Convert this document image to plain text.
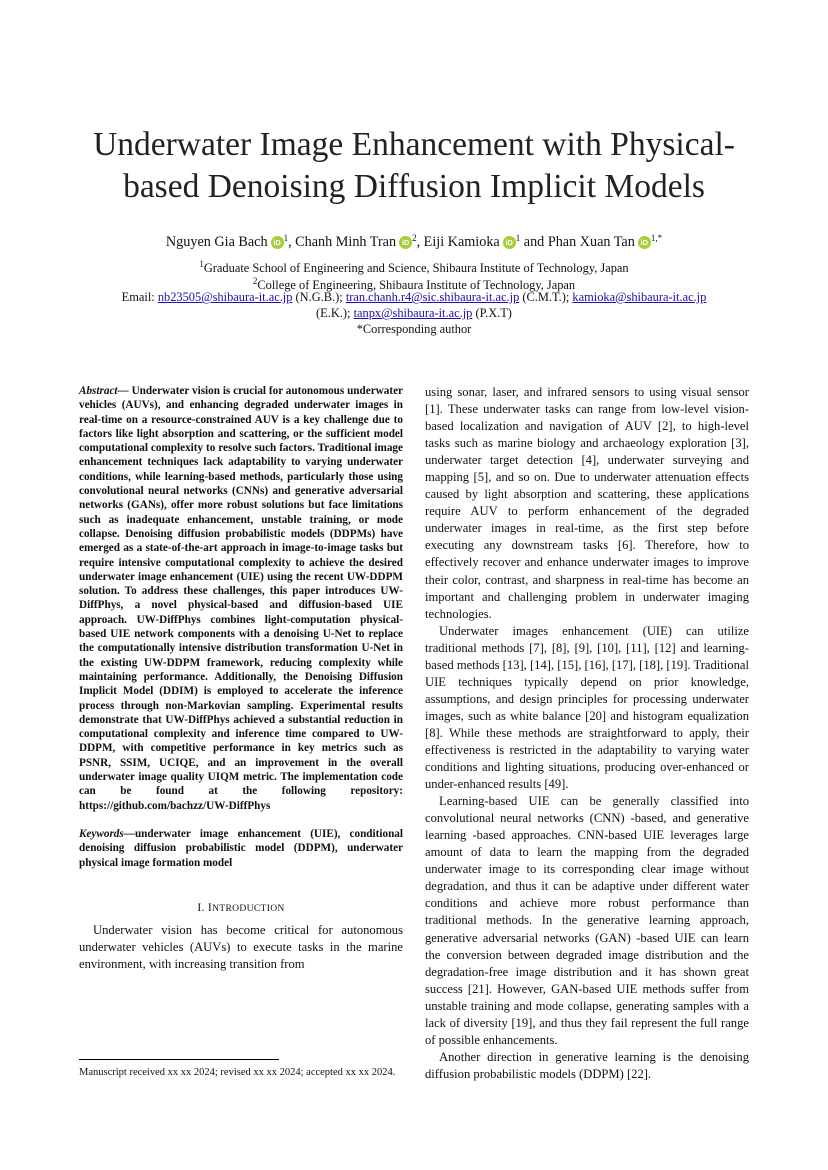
Underwater Image Enhancement with Physical-
based Denoising Diffusion Implicit Models
Nguyen Gia Bach iD $^1$, Chanh Minh Tran iD $^2$, Eiji Kamioka iD $^1$ and Phan Xuan Tan iD $^{1,*}$
$^1$Graduate School of Engineering and Science, Shibaura Institute of Technology, Japan
$^2$College of Engineering, Shibaura Institute of Technology, Japan
Email: nb23505@shibaura-it.ac.jp (N.G.B.); tran.chanh.r4@sic.shibaura-it.ac.jp (C.M.T.); kamioka@shibaura-it.ac.jp
(E.K.); tanpx@shibaura-it.ac.jp (P.X.T)
*Corresponding author

Abstract— Underwater vision is crucial for autonomous underwater vehicles (AUVs), and enhancing degraded underwater images in real-time on a resource-constrained AUV is a key challenge due to factors like light absorption and scattering, or the sufficient model computational complexity to resolve such factors. Traditional image enhancement techniques lack adaptability to varying underwater conditions, while learning-based methods, particularly those using convolutional neural networks (CNNs) and generative adversarial networks (GANs), offer more robust solutions but face limitations such as inadequate enhancement, unstable training, or mode collapse. Denoising diffusion probabilistic models (DDPMs) have emerged as a state-of-the-art approach in image-to-image tasks but require intensive computational complexity to achieve the desired underwater image enhancement (UIE) using the recent UW-DDPM solution. To address these challenges, this paper introduces UW-DiffPhys, a novel physical-based and diffusion-based UIE approach. UW-DiffPhys combines light-computation physical-based UIE network components with a denoising U-Net to replace the computationally intensive distribution transformation U-Net in the existing UW-DDPM framework, reducing complexity while maintaining performance. Additionally, the Denoising Diffusion Implicit Model (DDIM) is employed to accelerate the inference process through non-Markovian sampling. Experimental results demonstrate that UW-DiffPhys achieved a substantial reduction in computational complexity and inference time compared to UW-DDPM, with competitive performance in key metrics such as PSNR, SSIM, UCIQE, and an improvement in the overall underwater image quality UIQM metric. The implementation code can be found at the following repository: https://github.com/bachzz/UW-DiffPhys

Keywords—underwater image enhancement (UIE), conditional denoising diffusion probabilistic model (DDPM), underwater physical image formation model

I. INTRODUCTION

Underwater vision has become critical for autonomous underwater vehicles (AUVs) to execute tasks in the marine environment, with increasing transition from

Manuscript received xx xx 2024; revised xx xx 2024; accepted xx xx 2024.

using sonar, laser, and infrared sensors to using visual sensor [1]. These underwater tasks can range from low-level vision-based localization and navigation of AUV [2], to high-level tasks such as marine biology and archaeology exploration [3], underwater target detection [4], underwater surveying and mapping [5], and so on. Due to underwater attenuation effects caused by light absorption and scattering, these applications require AUV to perform enhancement of the degraded underwater images in real-time, as the first step before executing any downstream tasks [6]. Therefore, how to effectively recover and enhance underwater images to improve their color, contrast, and sharpness in real-time has become an important and challenging problem in underwater imaging technologies.

Underwater images enhancement (UIE) can utilize traditional methods [7], [8], [9], [10], [11], [12] and learning-based methods [13], [14], [15], [16], [17], [18], [19]. Traditional UIE techniques typically depend on prior knowledge, assumptions, and design principles for processing underwater images, such as white balance [20] and histogram equalization [8]. While these methods are straightforward to apply, their effectiveness is restricted in the adaptability to varying water conditions and lighting situations, producing over-enhanced or under-enhanced results [49].

Learning-based UIE can be generally classified into convolutional neural networks (CNN) -based, and generative learning -based approaches. CNN-based UIE leverages large amount of data to learn the mapping from the degraded underwater image to its corresponding clear image without degradation, and thus it can be adaptive under different water conditions and achieve more robust performance than traditional methods. In the generative learning approach, generative adversarial networks (GAN) -based UIE can learn the conversion between degraded image distribution and the degradation-free image distribution and it has shown great success [21]. However, GAN-based UIE methods suffer from unstable training and mode collapse, generating samples with a lack of diversity [19], and thus they fail represent the full range of possible enhancements.

Another direction in generative learning is the denoising diffusion probabilistic models (DDPM) [22].
